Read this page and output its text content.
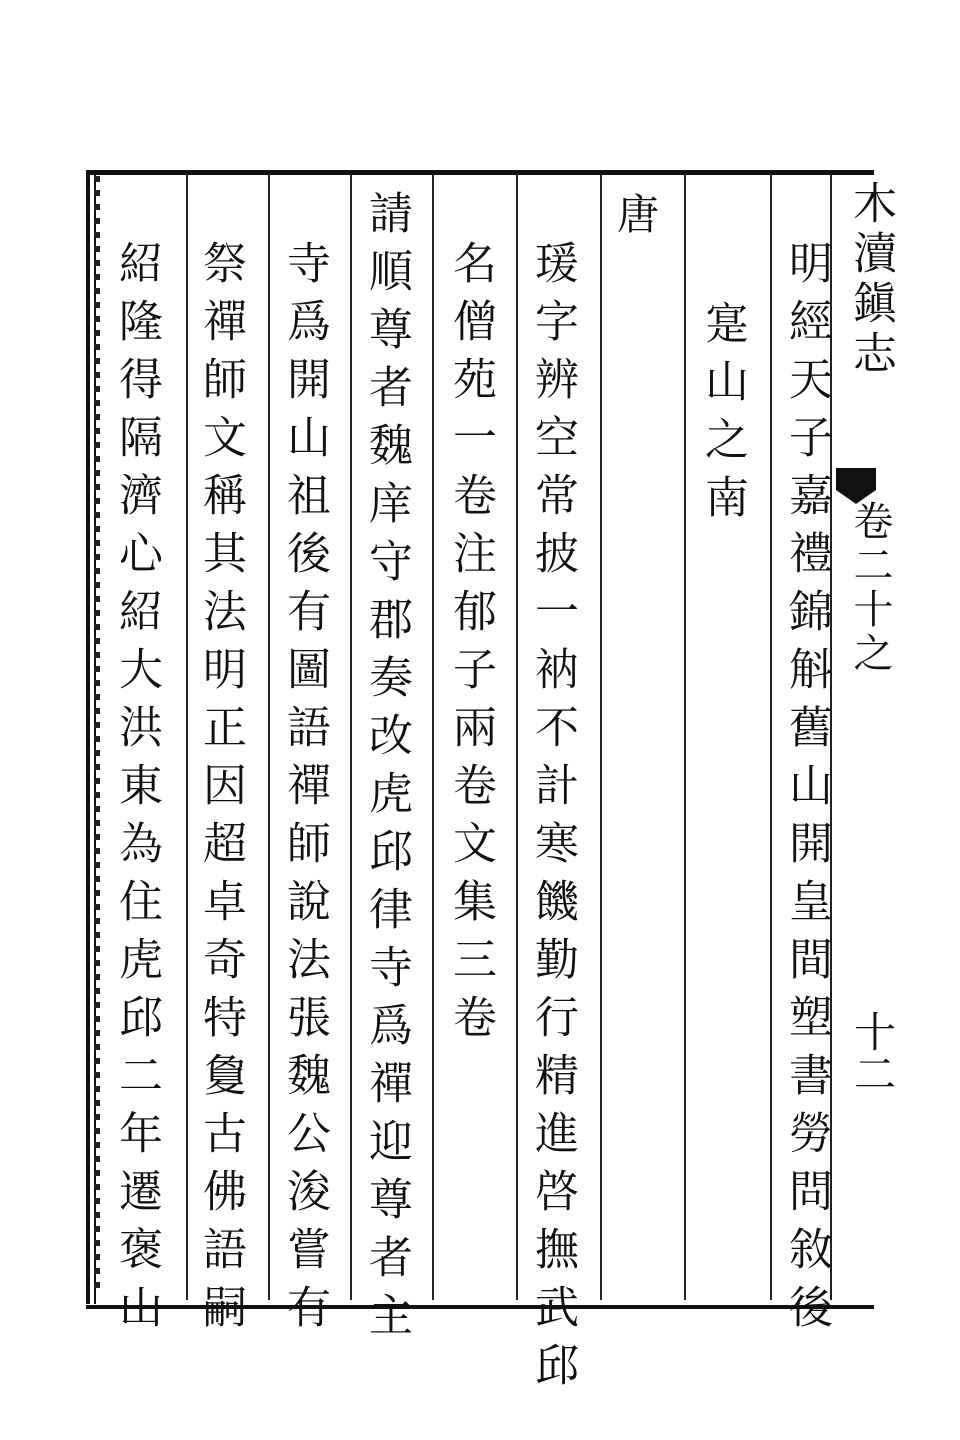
木瀆鎭志
卷二十之
十二
明經天子嘉禮錦斛舊山開皇間塑書勞問敘後
寔山之南
唐
瑗字辨空常披一衲不計寒饑勤行精進啓撫武邱
名僧苑一卷注郁子兩卷文集三卷
請順尊者魏庠守郡奏改虎邱律寺爲禪迎尊者主
寺爲開山祖後有圖語禪師說法張魏公浚嘗有
祭禪師文稱其法明正因超卓奇特敻古佛語嗣
紹隆得隔濟心紹大洪東為住虎邱二年遷褒山
